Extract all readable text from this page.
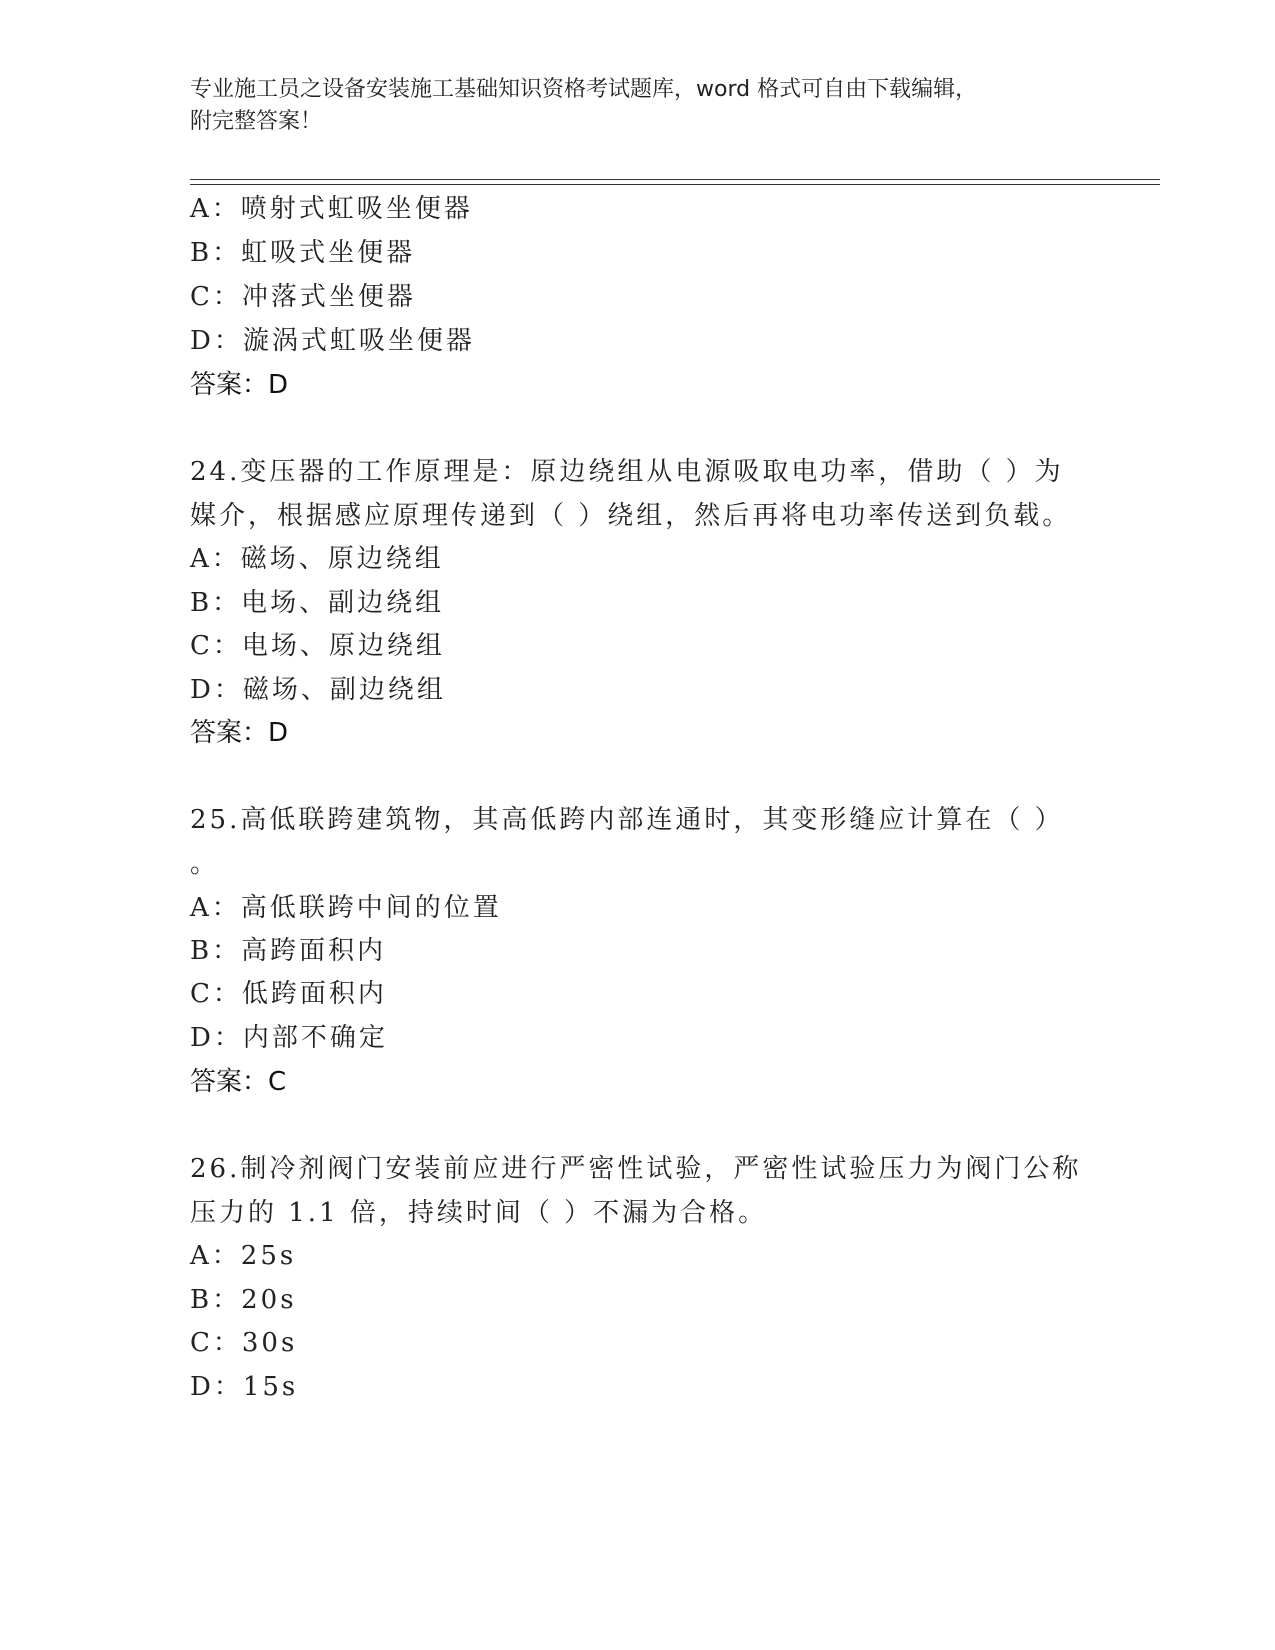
专业施工员之设备安装施工基础知识资格考试题库，word 格式可自由下载编辑，

附完整答案！

A：喷射式虹吸坐便器

B：虹吸式坐便器

C：冲落式坐便器

D：漩涡式虹吸坐便器

答案：D

24.变压器的工作原理是：原边绕组从电源吸取电功率，借助（ ）为

媒介，根据感应原理传递到（ ）绕组，然后再将电功率传送到负载。

A：磁场、原边绕组

B：电场、副边绕组

C：电场、原边绕组

D：磁场、副边绕组

答案：D

25.高低联跨建筑物，其高低跨内部连通时，其变形缝应计算在（ ）

。

A：高低联跨中间的位置

B：高跨面积内

C：低跨面积内

D：内部不确定

答案：C

26.制冷剂阀门安装前应进行严密性试验，严密性试验压力为阀门公称

压力的 1.1 倍，持续时间（ ）不漏为合格。

A：25s

B：20s

C：30s

D：15s
